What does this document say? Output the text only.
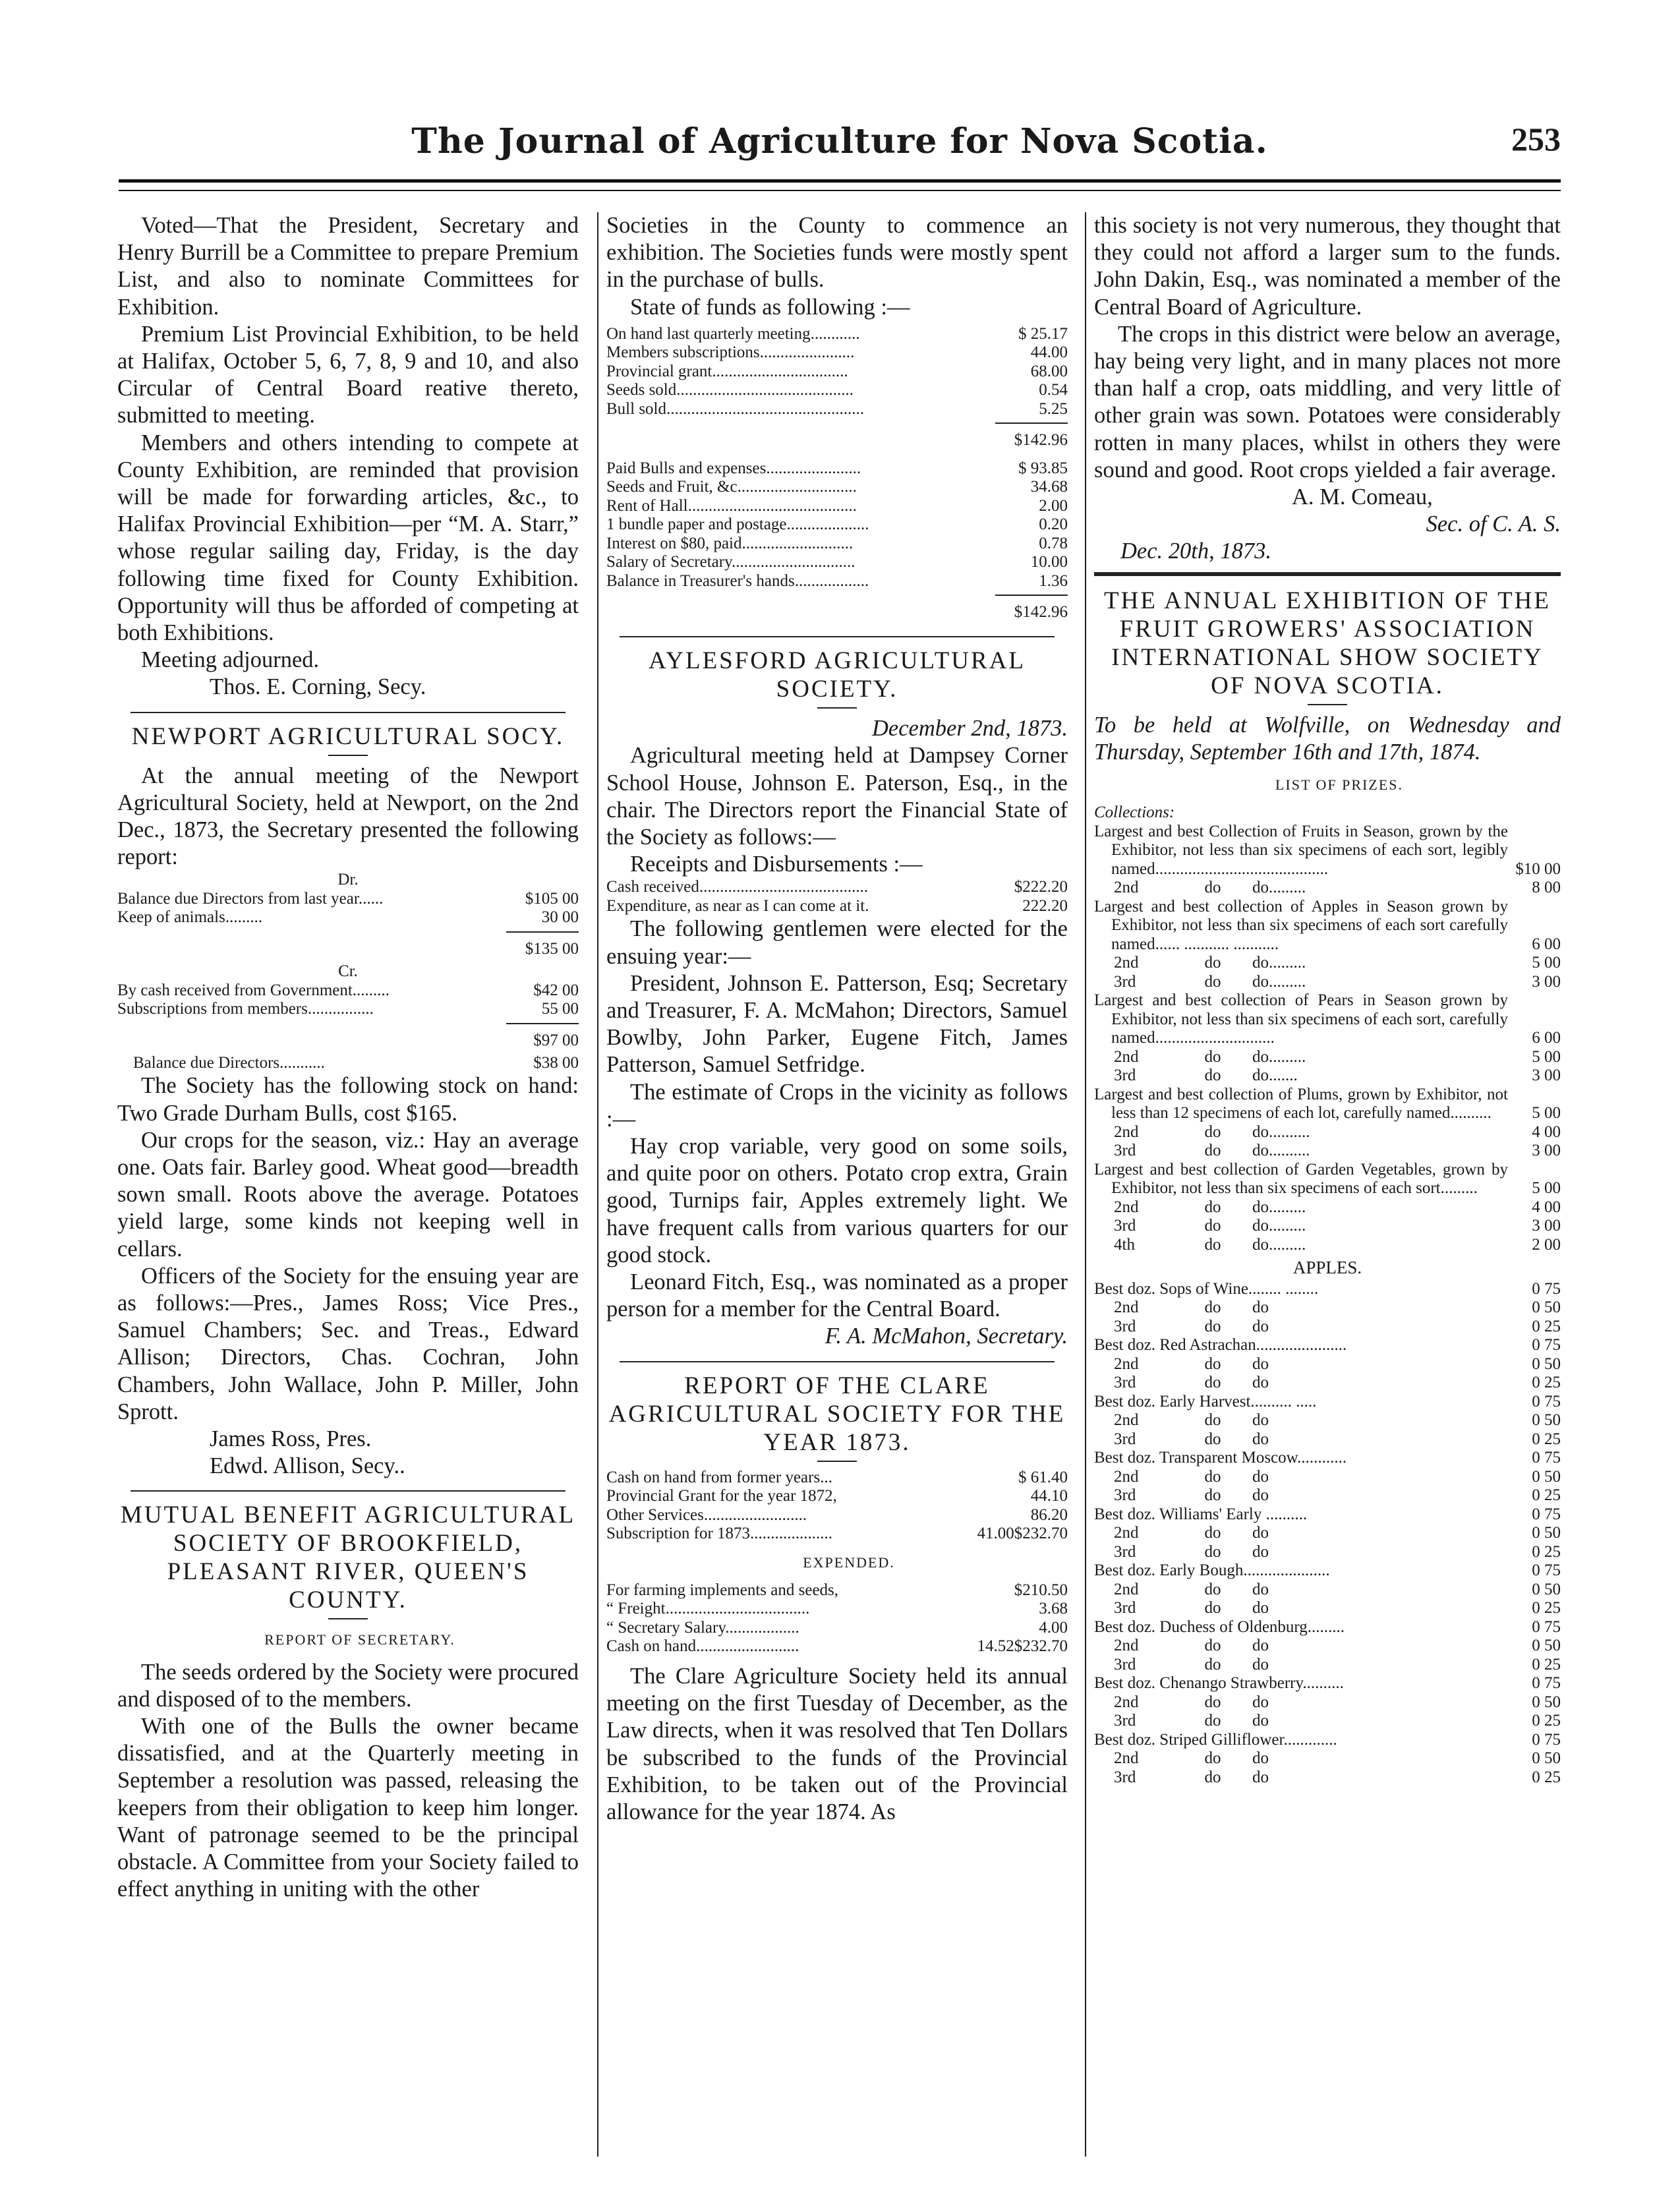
The Journal of Agriculture for Nova Scotia.	253

Voted—That the President, Secretary and Henry Burrill be a Committee to prepare Premium List, and also to nominate Committees for Exhibition.

Premium List Provincial Exhibition, to be held at Halifax, October 5, 6, 7, 8, 9 and 10, and also Circular of Central Board reative thereto, submitted to meeting.

Members and others intending to compete at County Exhibition, are reminded that provision will be made for forwarding articles, &c., to Halifax Provincial Exhibition—per “M. A. Starr,” whose regular sailing day, Friday, is the day following time fixed for County Exhibition. Opportunity will thus be afforded of competing at both Exhibitions.

Meeting adjourned.

Thos. E. Corning, Secy.

NEWPORT AGRICULTURAL SOCY.

At the annual meeting of the Newport Agricultural Society, held at Newport, on the 2nd Dec., 1873, the Secretary presented the following report:

Dr.

Balance due Directors from last year......	$105 00
Keep of animals.........	30 00
$135 00

Cr.

By cash received from Government.........	$42 00
Subscriptions from members................	55 00
$97 00
Balance due Directors...........	$38 00

The Society has the following stock on hand: Two Grade Durham Bulls, cost $165.

Our crops for the season, viz.: Hay an average one. Oats fair. Barley good. Wheat good—breadth sown small. Roots above the average. Potatoes yield large, some kinds not keeping well in cellars.

Officers of the Society for the ensuing year are as follows:—Pres., James Ross; Vice Pres., Samuel Chambers; Sec. and Treas., Edward Allison; Directors, Chas. Cochran, John Chambers, John Wallace, John P. Miller, John Sprott.

James Ross, Pres.

Edwd. Allison, Secy..

MUTUAL BENEFIT AGRICULTURAL SOCIETY OF BROOKFIELD, PLEASANT RIVER, QUEEN'S COUNTY.

REPORT OF SECRETARY.

The seeds ordered by the Society were procured and disposed of to the members.

With one of the Bulls the owner became dissatisfied, and at the Quarterly meeting in September a resolution was passed, releasing the keepers from their obligation to keep him longer. Want of patronage seemed to be the principal obstacle. A Committee from your Society failed to effect anything in uniting with the other

Societies in the County to commence an exhibition. The Societies funds were mostly spent in the purchase of bulls.

State of funds as following :—

On hand last quarterly meeting............	$ 25.17
Members subscriptions.......................	44.00
Provincial grant.................................	68.00
Seeds sold...........................................	0.54
Bull sold................................................	5.25
$142.96
Paid Bulls and expenses.......................	$ 93.85
Seeds and Fruit, &c.............................	34.68
Rent of Hall.........................................	2.00
1 bundle paper and postage....................	0.20
Interest on $80, paid...........................	0.78
Salary of Secretary..............................	10.00
Balance in Treasurer's hands..................	1.36
$142.96

AYLESFORD AGRICULTURAL SOCIETY.

December 2nd, 1873.

Agricultural meeting held at Dampsey Corner School House, Johnson E. Paterson, Esq., in the chair. The Directors report the Financial State of the Society as follows:—

Receipts and Disbursements :—

Cash received.........................................	$222.20
Expenditure, as near as I can come at it.	222.20

The following gentlemen were elected for the ensuing year:—

President, Johnson E. Patterson, Esq; Secretary and Treasurer, F. A. McMahon; Directors, Samuel Bowlby, John Parker, Eugene Fitch, James Patterson, Samuel Setfridge.

The estimate of Crops in the vicinity as follows :—

Hay crop variable, very good on some soils, and quite poor on others. Potato crop extra, Grain good, Turnips fair, Apples extremely light. We have frequent calls from various quarters for our good stock.

Leonard Fitch, Esq., was nominated as a proper person for a member for the Central Board.

F. A. McMahon, Secretary.

REPORT OF THE CLARE AGRICULTURAL SOCIETY FOR THE YEAR 1873.

Cash on hand from former years...	$ 61.40
Provincial Grant for the year 1872,	44.10
Other Services.........................	86.20
Subscription for 1873....................	41.00$232.70

EXPENDED.

For farming implements and seeds,	$210.50
“ Freight...................................	3.68
“ Secretary Salary..................	4.00
Cash on hand.........................	14.52$232.70

The Clare Agriculture Society held its annual meeting on the first Tuesday of December, as the Law directs, when it was resolved that Ten Dollars be subscribed to the funds of the Provincial Exhibition, to be taken out of the Provincial allowance for the year 1874. As

this society is not very numerous, they thought that they could not afford a larger sum to the funds. John Dakin, Esq., was nominated a member of the Central Board of Agriculture.

The crops in this district were below an average, hay being very light, and in many places not more than half a crop, oats middling, and very little of other grain was sown. Potatoes were considerably rotten in many places, whilst in others they were sound and good. Root crops yielded a fair average.

A. M. Comeau,

Sec. of C. A. S.

Dec. 20th, 1873.

THE ANNUAL EXHIBITION OF THE FRUIT GROWERS' ASSOCIATION INTERNATIONAL SHOW SOCIETY OF NOVA SCOTIA.

To be held at Wolfville, on Wednesday and Thursday, September 16th and 17th, 1874.

LIST OF PRIZES.

Collections:

Largest and best Collection of Fruits in Season, grown by the Exhibitor, not less than six specimens of each sort, legibly named..........................................	$10 00
2nd	do	do.........	8 00
Largest and best collection of Apples in Season grown by Exhibitor, not less than six specimens of each sort carefully named...... ........... ...........	6 00
2nd	do	do.........	5 00
3rd	do	do.........	3 00
Largest and best collection of Pears in Season grown by Exhibitor, not less than six specimens of each sort, carefully named.............................	6 00
2nd	do	do.........	5 00
3rd	do	do.......	3 00
Largest and best collection of Plums, grown by Exhibitor, not less than 12 specimens of each lot, carefully named..........	5 00
2nd	do	do..........	4 00
3rd	do	do..........	3 00
Largest and best collection of Garden Vegetables, grown by Exhibitor, not less than six specimens of each sort.........	5 00
2nd	do	do.........	4 00
3rd	do	do.........	3 00
4th	do	do.........	2 00

APPLES.

Best doz. Sops of Wine........ ........	0 75
2nd	do	do	0 50
3rd	do	do	0 25
Best doz. Red Astrachan......................	0 75
2nd	do	do	0 50
3rd	do	do	0 25
Best doz. Early Harvest.......... .....	0 75
2nd	do	do	0 50
3rd	do	do	0 25
Best doz. Transparent Moscow............	0 75
2nd	do	do	0 50
3rd	do	do	0 25
Best doz. Williams' Early ..........	0 75
2nd	do	do	0 50
3rd	do	do	0 25
Best doz. Early Bough.....................	0 75
2nd	do	do	0 50
3rd	do	do	0 25
Best doz. Duchess of Oldenburg.........	0 75
2nd	do	do	0 50
3rd	do	do	0 25
Best doz. Chenango Strawberry..........	0 75
2nd	do	do	0 50
3rd	do	do	0 25
Best doz. Striped Gilliflower.............	0 75
2nd	do	do	0 50
3rd	do	do	0 25
